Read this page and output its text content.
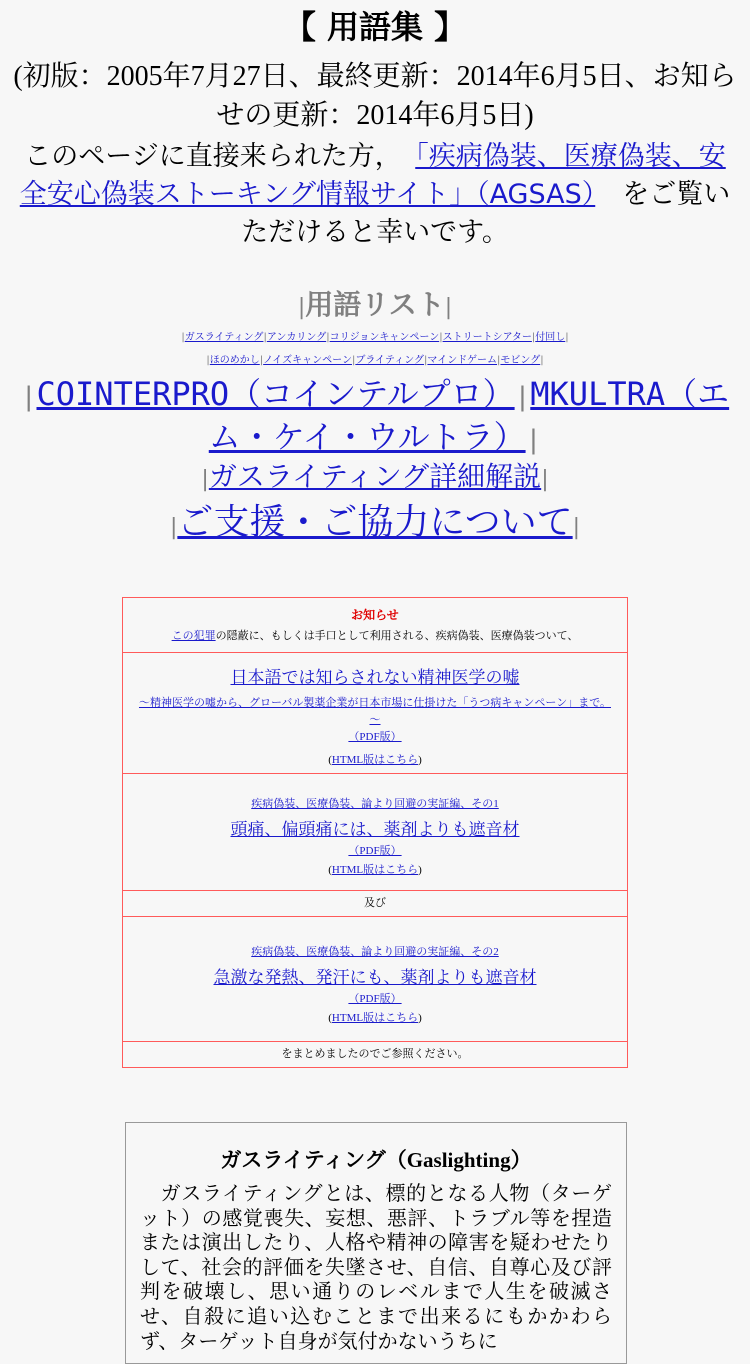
【 用語集 】
(初版：2005年7月27日、最終更新：2014年6月5日、お知らせの更新：2014年6月5日)
このページに直接来られた方，　「疾病偽装、医療偽装、安全安心偽装ストーキング情報サイト」（AGSAS）　をご覧いただけると幸いです。
|用語リスト|
|ガスライティング|アンカリング|コリジョンキャンペーン|ストリートシアター|付回し|
|ほのめかし|ノイズキャンペーン|ブライティング|マインドゲーム|モビング|
|COINTERPRO（コインテルプロ）|MKULTRA（エム・ケイ・ウルトラ）|
|ガスライティング詳細解説|
|ご支援・ご協力について|
お知らせ
この犯罪の隠蔽に、もしくは手口として利用される、疾病偽装、医療偽装ついて、

日本語では知らされない精神医学の嘘
～精神医学の嘘から、グローバル製薬企業が日本市場に仕掛けた「うつ病キャンペーン」まで。～
（PDF版）
(HTML版はこちら)

疾病偽装、医療偽装、論より回避の実証編、その1
頭痛、偏頭痛には、薬剤よりも遮音材
（PDF版）
(HTML版はこちら)

及び

疾病偽装、医療偽装、論より回避の実証編、その2
急激な発熱、発汗にも、薬剤よりも遮音材
（PDF版）
(HTML版はこちら)

をまとめましたのでご参照ください。
ガスライティング（Gaslighting）
　ガスライティングとは、標的となる人物（ターゲット）の感覚喪失、妄想、悪評、トラブル等を捏造または演出したり、人格や精神の障害を疑わせたりして、社会的評価を失墜させ、自信、自尊心及び評判を破壊し、思い通りのレベルまで人生を破滅させ、自殺に追い込むことまで出来るにもかかわらず、ターゲット自身が気付かないうちに
